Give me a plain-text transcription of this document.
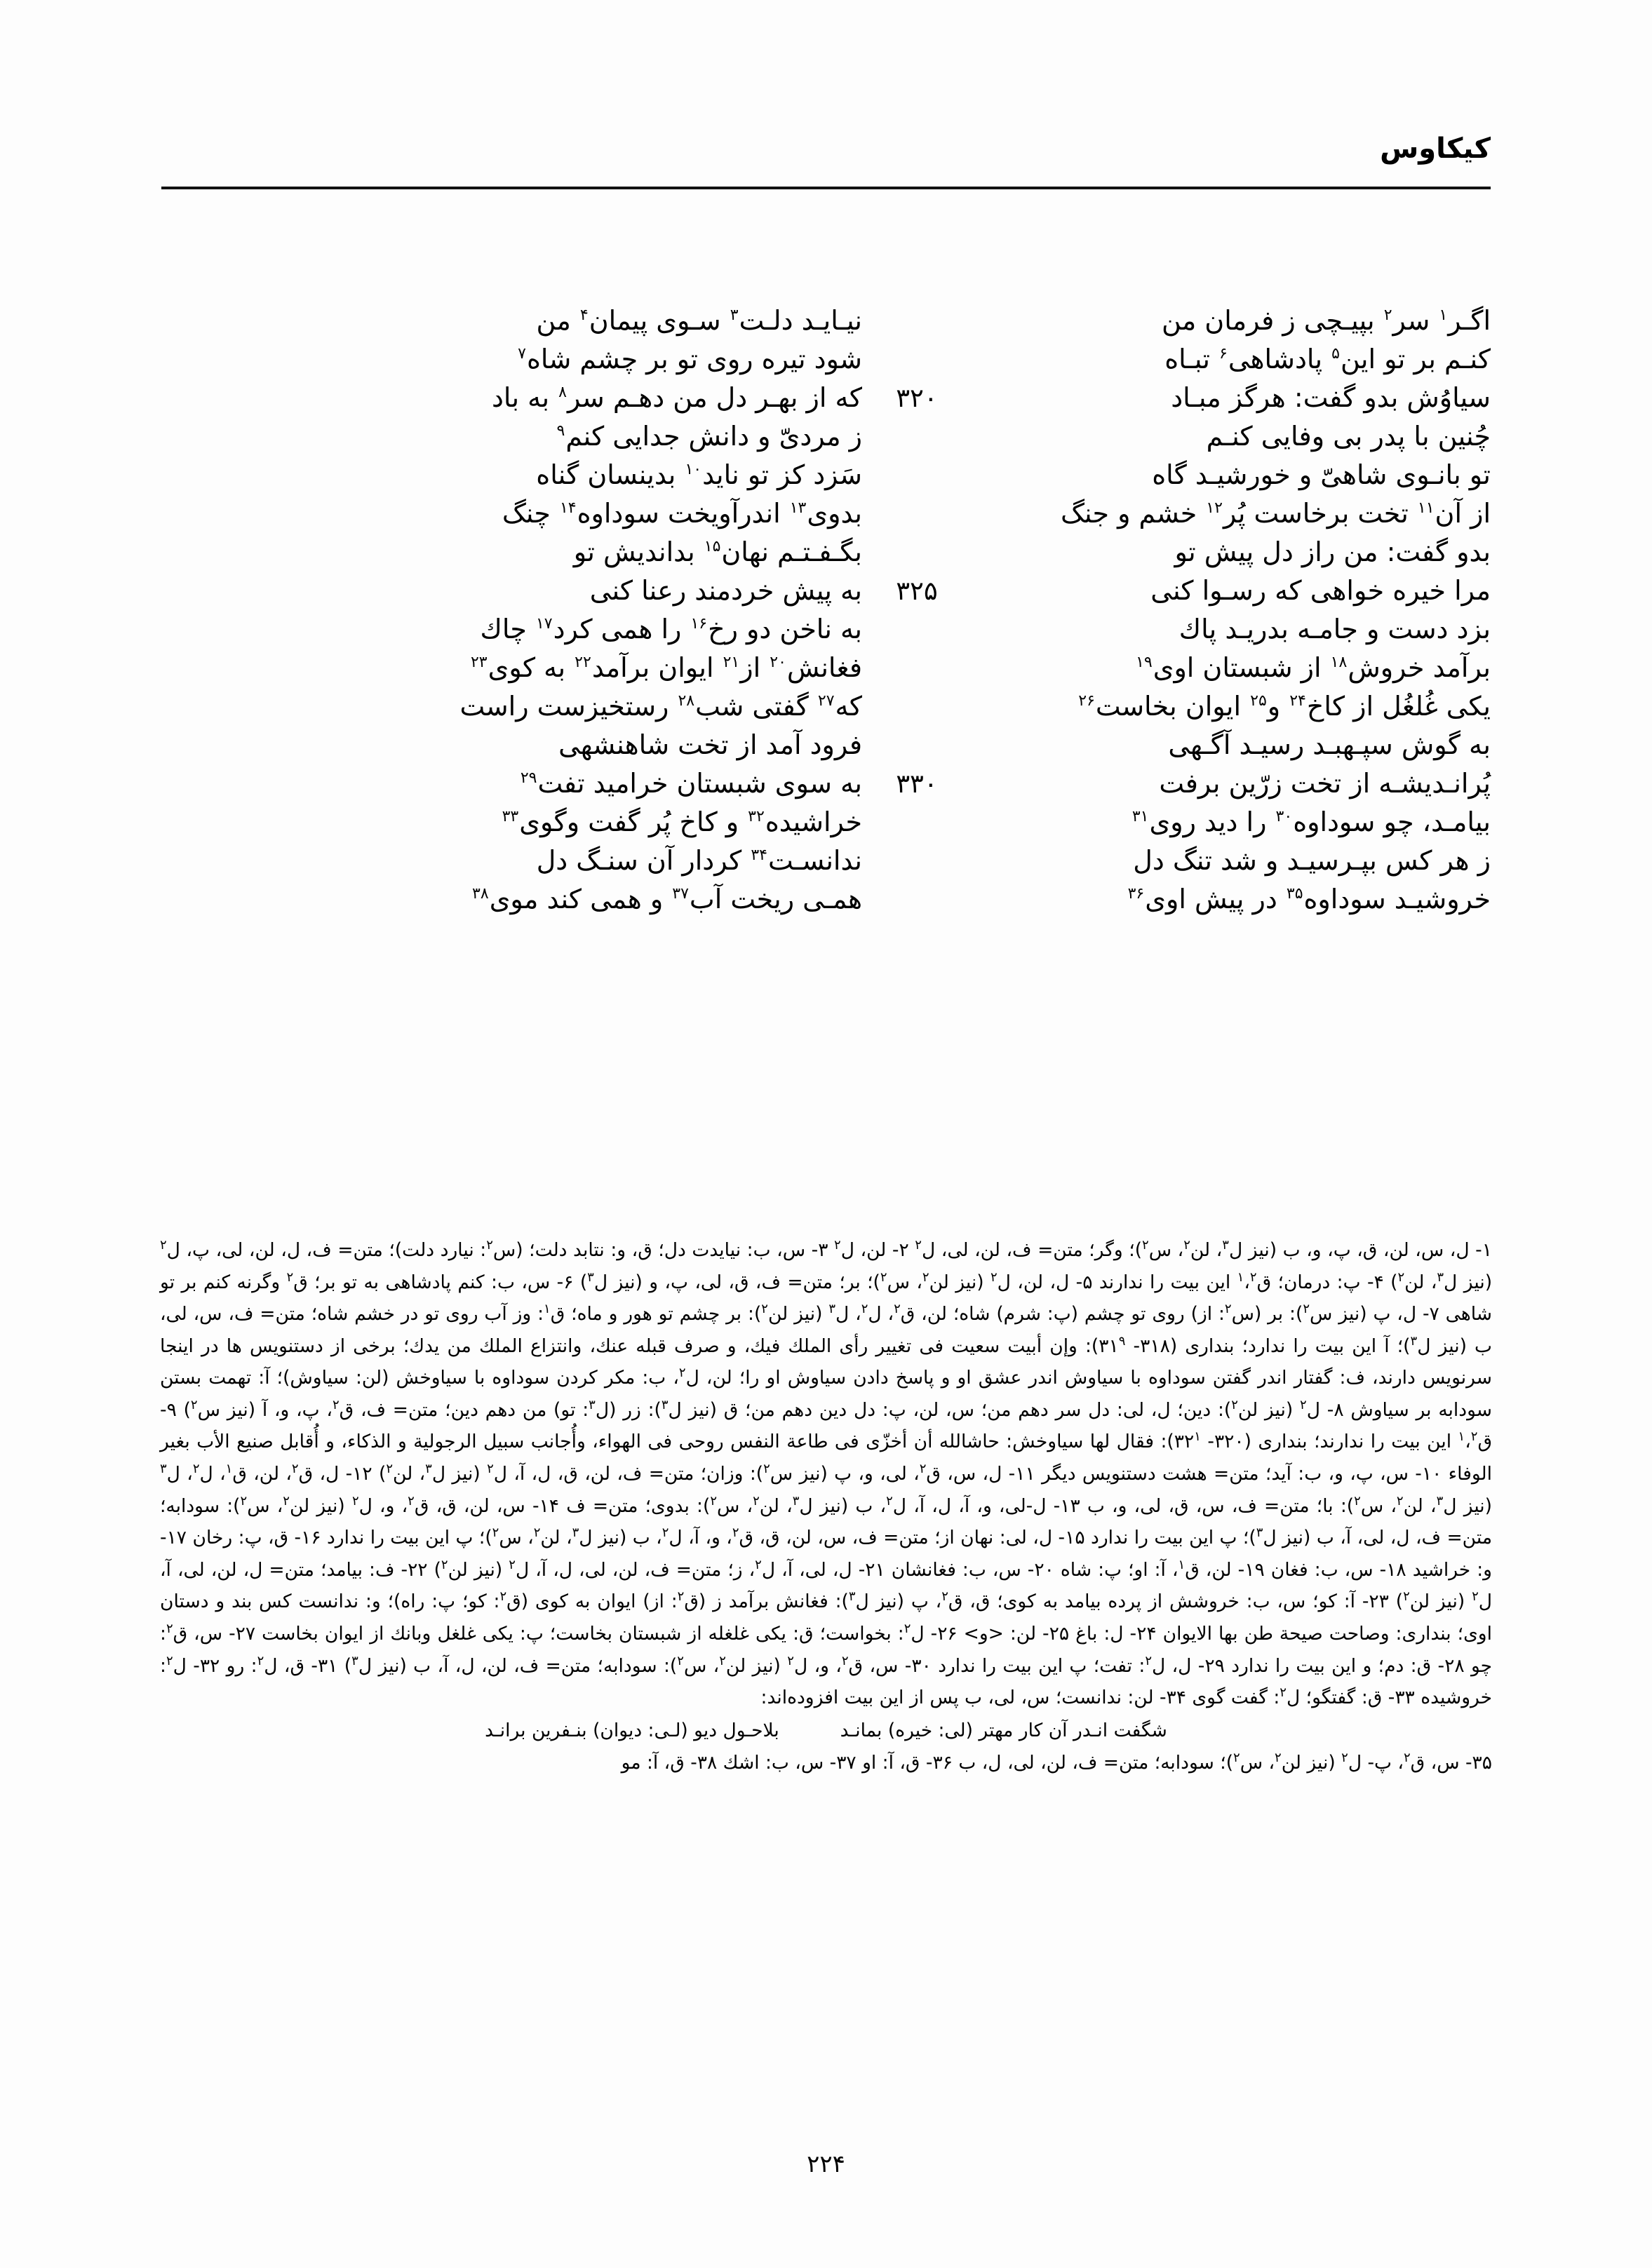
کیکاوس
اگـر$^۱$ سر$^۲$ بپیـچی ز فرمان من
نیـایـد دلـت$^۳$ سـوی پیمان$^۴$ من
کنـم بر تو این$^۵$ پادشاهی$^۶$ تبـاه
شود تیره روی تو بر چشم شاه$^۷$
سیاوُش بدو گفت: هرگز مبـاد
۳۲۰
که از بهـر دل من دهـم سر$^۸$ به باد
چُنین با پدر بی وفایی کنـم
ز مردیّ و دانش جدایی کنم$^۹$
تو بانـوی شاهیّ و خورشیـد گاه
سَزد کز تو ناید$^{۱۰}$ بدینسان گناه
از آن$^{۱۱}$ تخت برخاست پُر$^{۱۲}$ خشم و جنگ
بدوی$^{۱۳}$ اندرآویخت سوداوه$^{۱۴}$ چنگ
بدو گفت: من راز دل پیش تو
بگـفـتـم نهان$^{۱۵}$ بداندیش تو
مرا خیره خواهی که رسـوا کنی
۳۲۵
به پیش خردمند رعنا کنی
بزد دست و جامـه بدریـد پاك
به ناخن دو رخ$^{۱۶}$ را همی کرد$^{۱۷}$ چاك
برآمد خروش$^{۱۸}$ از شبستان اوی$^{۱۹}$
فغانش$^{۲۰}$ از$^{۲۱}$ ایوان برآمد$^{۲۲}$ به کوی$^{۲۳}$
یکی غُلغُل از کاخ$^{۲۴}$ و$^{۲۵}$ ایوان بخاست$^{۲۶}$
که$^{۲۷}$ گفتی شب$^{۲۸}$ رستخیزست راست
به گوش سپـهبـد رسیـد آگـهی
فرود آمد از تخت شاهنشهی
پُرانـدیشـه از تخت زرّین برفت
۳۳۰
به سوی شبستان خرامید تفت$^{۲۹}$
بیامـد، چو سوداوه$^{۳۰}$ را دید روی$^{۳۱}$
خراشیده$^{۳۲}$ و کاخ پُر گفت وگوی$^{۳۳}$
ز هر کس بپـرسیـد و شد تنگ دل
ندانسـت$^{۳۴}$ کردار آن سنـگ دل
خروشیـد سوداوه$^{۳۵}$ در پیش اوی$^{۳۶}$
همـی ریخت آب$^{۳۷}$ و همی کند موی$^{۳۸}$
۱- ل، س، لن، ق، پ، و، ب (نیز ل$^۳$، لن$^۲$، س$^۲$)؛ وگر؛ متن= ف، لن، لی، ل$^۲$ ۲- لن، ل$^۲$ ۳- س، ب: نیایدت دل؛ ق، و: نتابد دلت؛ (س$^۲$: نیارد دلت)؛ متن= ف، ل، لن، لی، پ، ل$^۲$ (نیز ل$^۳$، لن$^۲$) ۴- پ: درمان؛ ق$^۱$،$^۲$ این بیت را ندارند ۵- ل، لن، ل$^۲$ (نیز لن$^۲$، س$^۲$)؛ بر؛ متن= ف، ق، لی، پ، و (نیز ل$^۳$) ۶- س، ب: کنم پادشاهی به تو بر؛ ق$^۲$ وگرنه کنم بر تو شاهی ۷- ل، پ (نیز س$^۲$): بر (س$^۲$: از) روی تو چشم (پ: شرم) شاه؛ لن، ق$^۲$، ل$^۲$، ل$^۳$ (نیز لن$^۲$): بر چشم تو هور و ماه؛ ق$^۱$: وز آب روی تو در خشم شاه؛ متن= ف، س، لی، ب (نیز ل$^۳$)؛ آ این بیت را ندارد؛ بنداری (۳۱۸- $۳۱^۹$): وإن أبیت سعیت فی تغییر رأی الملك فیك، و صرف قبله عنك، وانتزاع الملك من یدك؛ برخی از دستنویس ها در اینجا سرنویس دارند، ف: گفتار اندر گفتن سوداوه با سیاوش اندر عشق او و پاسخ دادن سیاوش او را؛ لن، ل$^۲$، ب: مکر کردن سوداوه با سیاوخش (لن: سیاوش)؛ آ: تهمت بستن سودابه بر سیاوش ۸- ل$^۲$ (نیز لن$^۲$): دین؛ ل، لی: دل سر دهم من؛ س، لن، پ: دل دین دهم من؛ ق (نیز ل$^۳$): زر (ل$^۳$: تو) من دهم دین؛ متن= ف، ق$^۲$، پ، و، آ (نیز س$^۲$) ۹- ق$^۱$،$^۲$ این بیت را ندارند؛ بنداری (۳۲۰- $۳۲^۱$): فقال لها سیاوخش: حاشالله أن أخزّی فی طاعة النفس روحی فی الهواء، وأُجانب سبیل الرجولیة و الذكاء، و أُقابل صنیع الأب بغیر الوفاء ۱۰- س، پ، و، ب: آید؛ متن= هشت دستنویس دیگر ۱۱- ل، س، ق$^۲$، لی، و، پ (نیز س$^۲$): وزان؛ متن= ف، لن، ق، ل، آ، ل$^۲$ (نیز ل$^۳$، لن$^۲$) ۱۲- ل، ق$^۲$، لن، ق$^۱$، ل$^۲$، ل$^۳$ (نیز ل$^۳$، لن$^۲$، س$^۲$): با؛ متن= ف، س، ق، لی، و، ب ۱۳- ل-لی، و، آ، ل، آ، ل$^۲$، ب (نیز ل$^۳$، لن$^۲$، س$^۲$): بدوی؛ متن= ف ۱۴- س، لن، ق، ق$^۲$، و، ل$^۲$ (نیز لن$^۲$، س$^۲$): سودابه؛ متن= ف، ل، لی، آ، ب (نیز ل$^۳$)؛ پ این بیت را ندارد ۱۵- ل، لی: نهان از؛ متن= ف، س، لن، ق، ق$^۲$، و، آ، ل$^۲$، ب (نیز ل$^۳$، لن$^۲$، س$^۲$)؛ پ این بیت را ندارد ۱۶- ق، پ: رخان ۱۷- و: خراشید ۱۸- س، ب: فغان ۱۹- لن، ق$^۱$، آ: او؛ پ: شاه ۲۰- س، ب: فغانشان ۲۱- ل، لی، آ، ل$^۲$، ز؛ متن= ف، لن، لی، ل، آ، ل$^۲$ (نیز لن$^۲$) ۲۲- ف: بیامد؛ متن= ل، لن، لی، آ، ل$^۲$ (نیز لن$^۲$) ۲۳- آ: کو؛ س، ب: خروشش از پرده بیامد به کوی؛ ق، ق$^۲$، پ (نیز ل$^۳$): فغانش برآمد ز (ق$^۲$: از) ایوان به کوی (ق$^۲$: کو؛ پ: راه)؛ و: ندانست کس بند و دستان اوی؛ بنداری: وصاحت صیحة طن بها الایوان ۲۴- ل: باغ ۲۵- لن: <و> ۲۶- ل$^۲$: بخواست؛ ق: یکی غلغله از شبستان بخاست؛ پ: یکی غلغل وبانك از ایوان بخاست ۲۷- س، ق$^۲$: چو ۲۸- ق: دم؛ و این بیت را ندارد ۲۹- ل، ل$^۲$: تفت؛ پ این بیت را ندارد ۳۰- س، ق$^۲$، و، ل$^۲$ (نیز لن$^۲$، س$^۲$): سودابه؛ متن= ف، لن، ل، آ، ب (نیز ل$^۳$) ۳۱- ق، ل$^۲$: رو ۳۲- ل$^۲$: خروشیده ۳۳- ق: گفتگو؛ ل$^۲$: گفت گوی ۳۴- لن: ندانست؛ س، لی، ب پس از این بیت افزوده‌اند:
شگفت انـدر آن کار مهتر (لی: خیره) بمانـد  بلاحـول دیو (لـی: دیوان) بنـفرین برانـد
۳۵- س، ق$^۲$، پ- ل$^۲$ (نیز لن$^۲$، س$^۲$)؛ سودابه؛ متن= ف، لن، لی، ل، ب ۳۶- ق، آ: او ۳۷- س، ب: اشك ۳۸- ق، آ: مو
۲۲۴
